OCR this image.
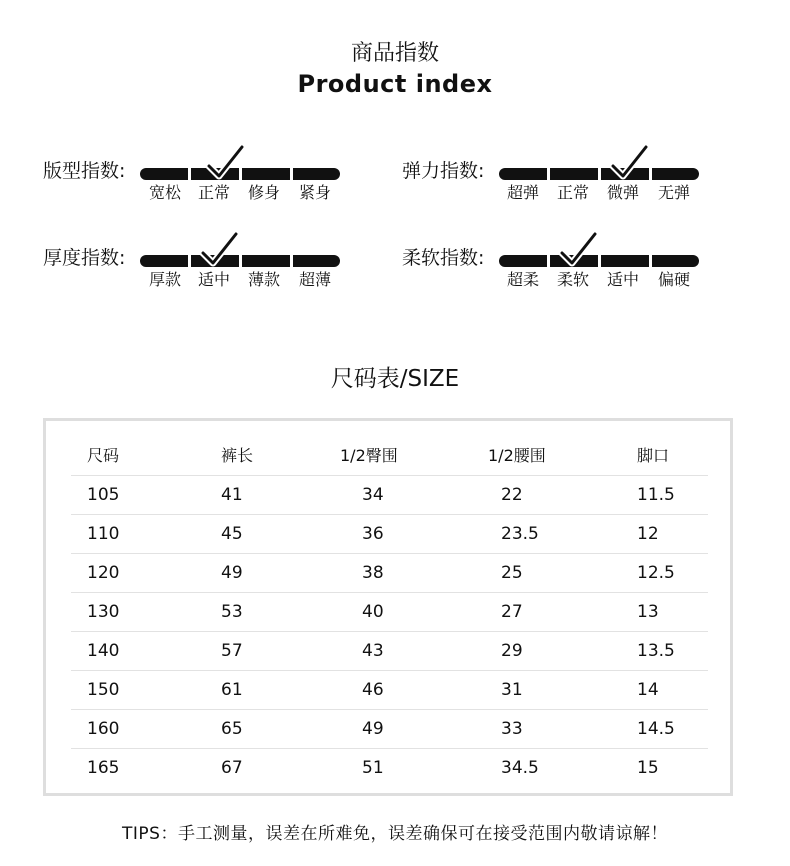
商品指数
Product index
版型指数:
宽松	正常	修身	紧身
弹力指数:
超弹	正常	微弹	无弹
厚度指数:
厚款	适中	薄款	超薄
柔软指数:
超柔	柔软	适中	偏硬
尺码表/SIZE
尺码	裤长	1/2臀围	1/2腰围	脚口
105	41	34	22	11.5
110	45	36	23.5	12
120	49	38	25	12.5
130	53	40	27	13
140	57	43	29	13.5
150	61	46	31	14
160	65	49	33	14.5
165	67	51	34.5	15
TIPS：手工测量，误差在所难免，误差确保可在接受范围内敬请谅解！
